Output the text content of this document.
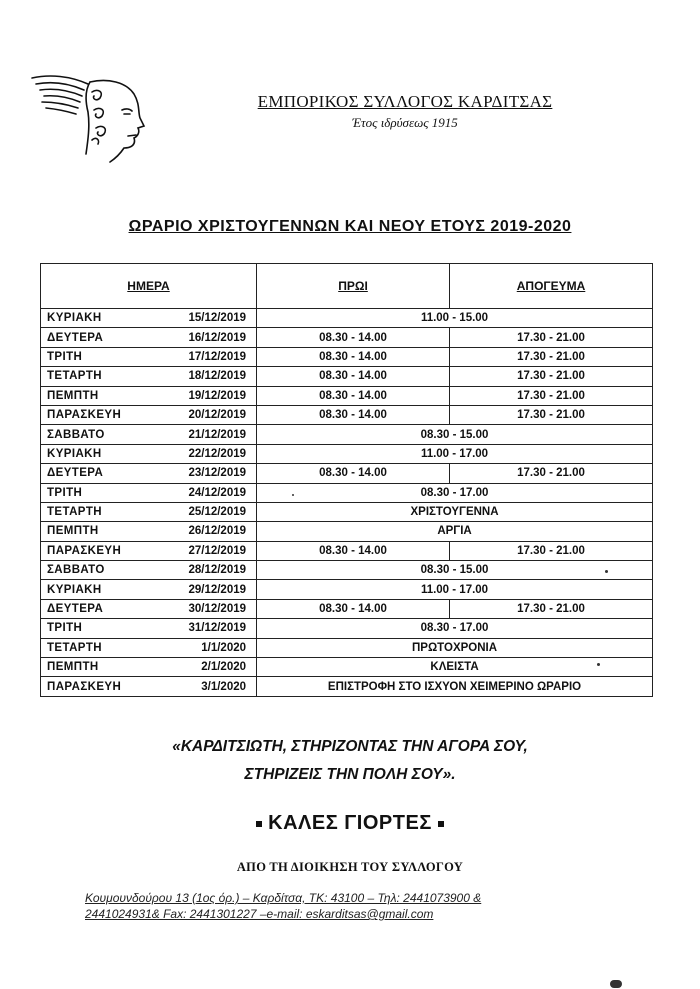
ΕΜΠΟΡΙΚΟΣ ΣΥΛΛΟΓΟΣ ΚΑΡΔΙΤΣΑΣ
Έτος ιδρύσεως 1915
ΩΡΑΡΙΟ ΧΡΙΣΤΟΥΓΕΝΝΩΝ ΚΑΙ ΝΕΟΥ ΕΤΟΥΣ 2019-2020
ΗΜΕΡΑ		ΠΡΩΙ	ΑΠΟΓΕΥΜΑ
ΚΥΡΙΑΚΗ	15/12/2019	11.00 - 15.00	
ΔΕΥΤΕΡΑ	16/12/2019	08.30 - 14.00	17.30 - 21.00
ΤΡΙΤΗ	17/12/2019	08.30 - 14.00	17.30 - 21.00
ΤΕΤΑΡΤΗ	18/12/2019	08.30 - 14.00	17.30 - 21.00
ΠΕΜΠΤΗ	19/12/2019	08.30 - 14.00	17.30 - 21.00
ΠΑΡΑΣΚΕΥΗ	20/12/2019	08.30 - 14.00	17.30 - 21.00
ΣΑΒΒΑΤΟ	21/12/2019	08.30 - 15.00	
ΚΥΡΙΑΚΗ	22/12/2019	11.00 - 17.00	
ΔΕΥΤΕΡΑ	23/12/2019	08.30 - 14.00	17.30 - 21.00
ΤΡΙΤΗ	24/12/2019	08.30 - 17.00	
ΤΕΤΑΡΤΗ	25/12/2019	ΧΡΙΣΤΟΥΓΕΝΝΑ	
ΠΕΜΠΤΗ	26/12/2019	ΑΡΓΙΑ	
ΠΑΡΑΣΚΕΥΗ	27/12/2019	08.30 - 14.00	17.30 - 21.00
ΣΑΒΒΑΤΟ	28/12/2019	08.30 - 15.00	
ΚΥΡΙΑΚΗ	29/12/2019	11.00 - 17.00	
ΔΕΥΤΕΡΑ	30/12/2019	08.30 - 14.00	17.30 - 21.00
ΤΡΙΤΗ	31/12/2019	08.30 - 17.00	
ΤΕΤΑΡΤΗ	1/1/2020	ΠΡΩΤΟΧΡΟΝΙΑ	
ΠΕΜΠΤΗ	2/1/2020	ΚΛΕΙΣΤΑ	
ΠΑΡΑΣΚΕΥΗ	3/1/2020	ΕΠΙΣΤΡΟΦΗ ΣΤΟ ΙΣΧΥΟΝ ΧΕΙΜΕΡΙΝΟ ΩΡΑΡΙΟ	
«ΚΑΡΔΙΤΣΙΩΤΗ, ΣΤΗΡΙΖΟΝΤΑΣ ΤΗΝ ΑΓΟΡΑ ΣΟΥ,
ΣΤΗΡΙΖΕΙΣ ΤΗΝ ΠΟΛΗ ΣΟΥ».
ΚΑΛΕΣ ΓΙΟΡΤΕΣ
ΑΠΟ ΤΗ ΔΙΟΙΚΗΣΗ ΤΟΥ ΣΥΛΛΟΓΟΥ
Κουμουνδούρου 13 (1ος όρ.) – Καρδίτσα, ΤΚ: 43100 – Τηλ: 2441073900 &
2441024931& Fax: 2441301227 –e-mail: eskarditsas@gmail.com
